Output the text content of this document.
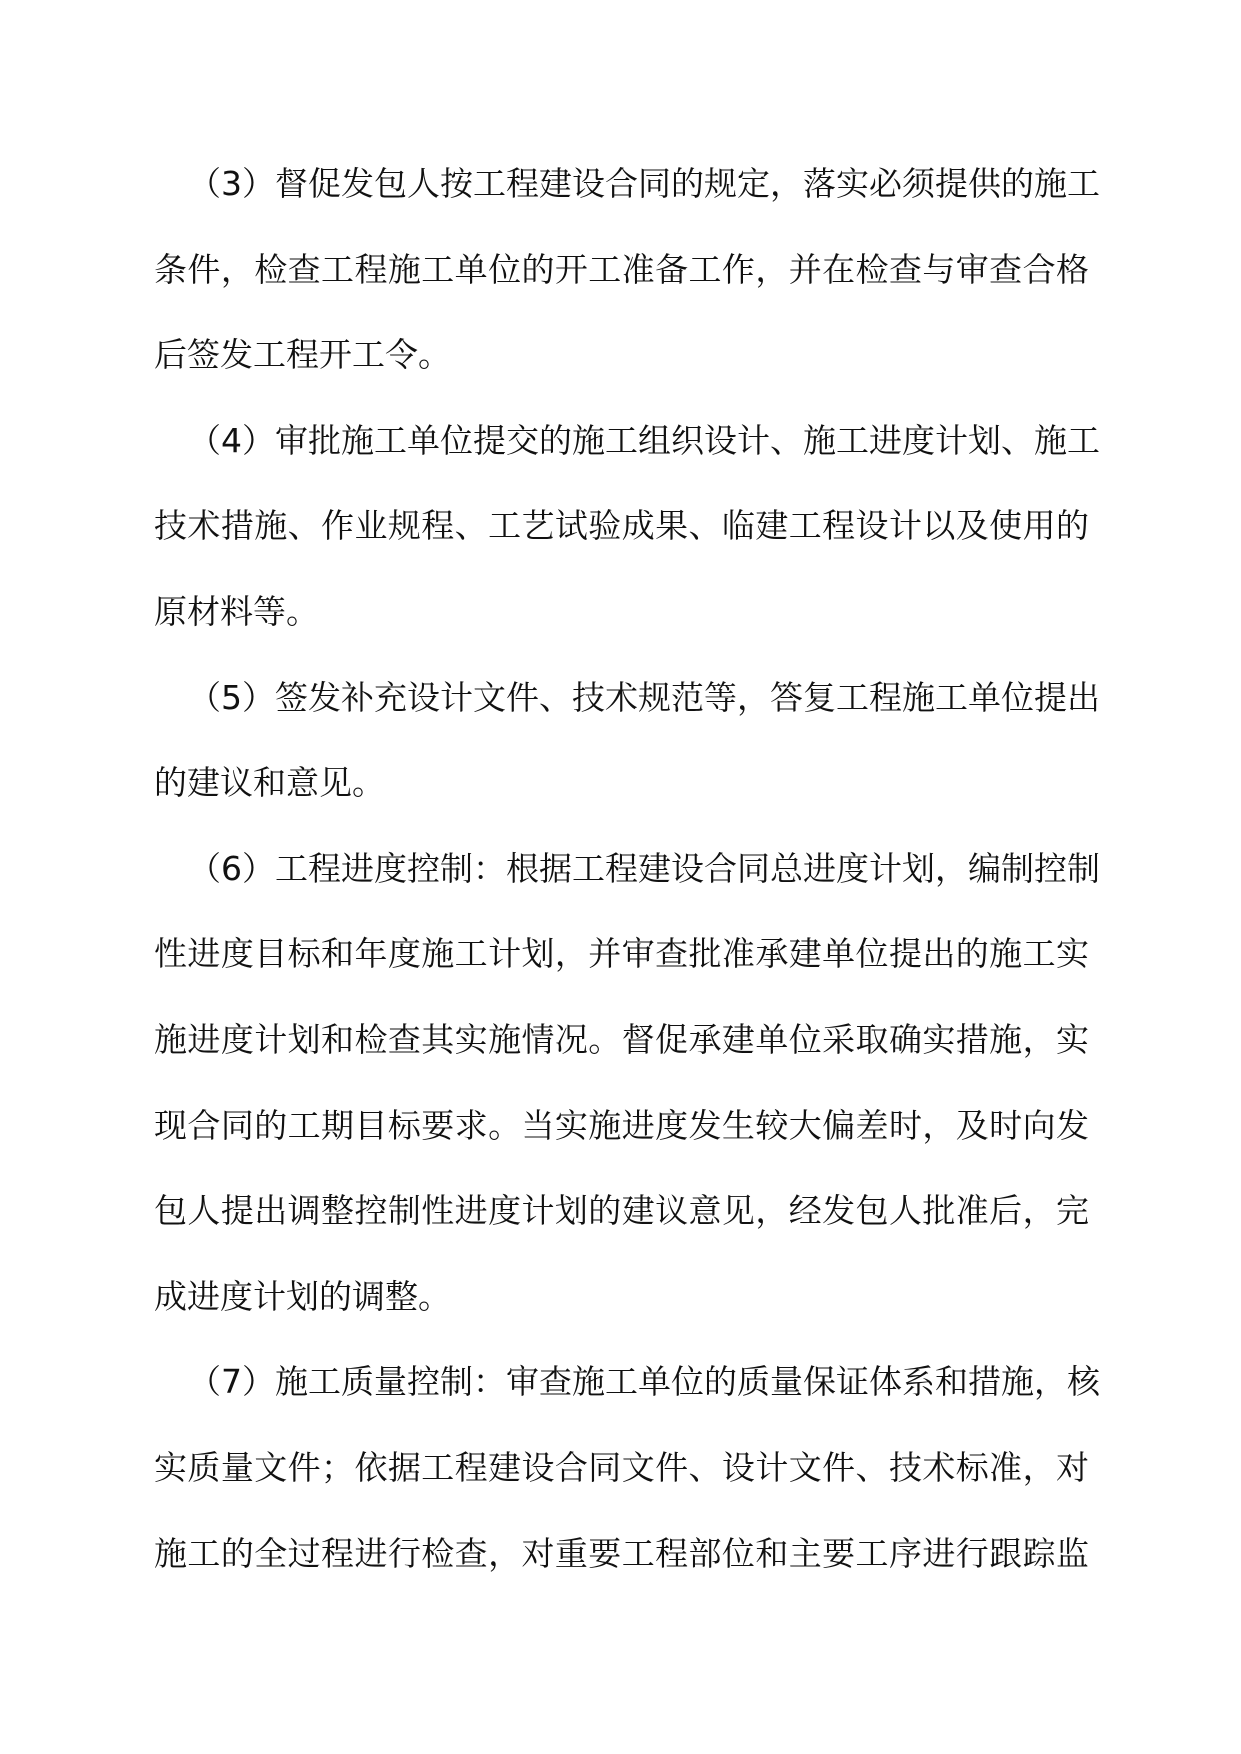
（3）督促发包人按工程建设合同的规定，落实必须提供的施工
条件，检查工程施工单位的开工准备工作，并在检查与审查合格
后签发工程开工令。
（4）审批施工单位提交的施工组织设计、施工进度计划、施工
技术措施、作业规程、工艺试验成果、临建工程设计以及使用的
原材料等。
（5）签发补充设计文件、技术规范等，答复工程施工单位提出
的建议和意见。
（6）工程进度控制：根据工程建设合同总进度计划，编制控制
性进度目标和年度施工计划，并审查批准承建单位提出的施工实
施进度计划和检查其实施情况。督促承建单位采取确实措施，实
现合同的工期目标要求。当实施进度发生较大偏差时，及时向发
包人提出调整控制性进度计划的建议意见，经发包人批准后，完
成进度计划的调整。
（7）施工质量控制：审查施工单位的质量保证体系和措施，核
实质量文件；依据工程建设合同文件、设计文件、技术标准，对
施工的全过程进行检查，对重要工程部位和主要工序进行跟踪监
